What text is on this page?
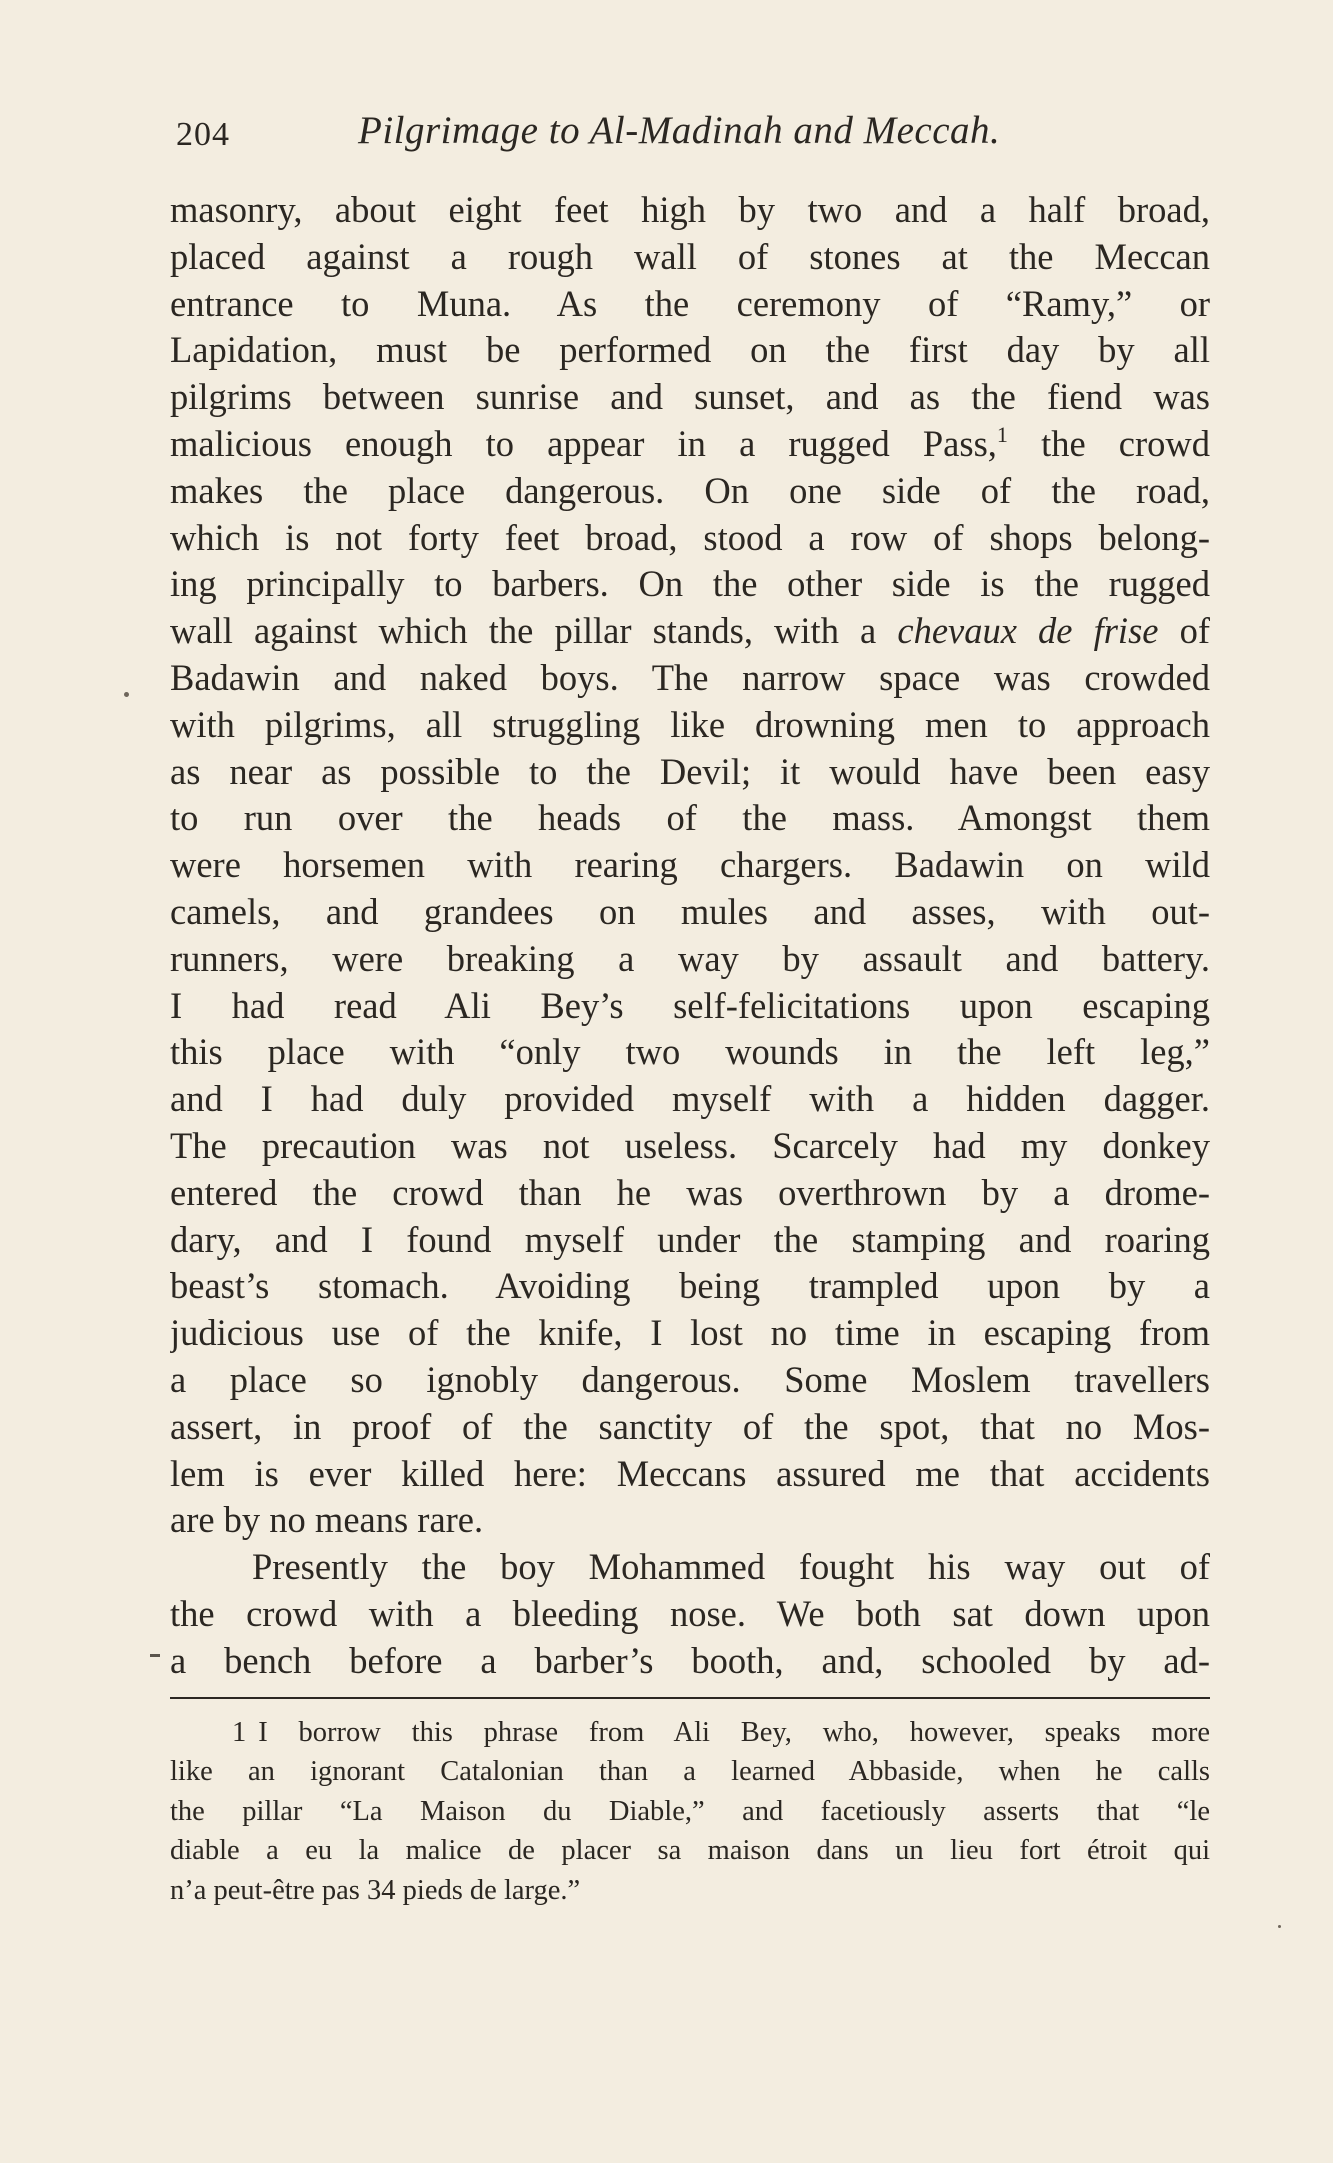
204	Pilgrimage to Al-Madinah and Meccah.
masonry, about eight feet high by two and a half broad,
placed against a rough wall of stones at the Meccan
entrance to Muna. As the ceremony of “Ramy,” or
Lapidation, must be performed on the first day by all
pilgrims between sunrise and sunset, and as the fiend was
malicious enough to appear in a rugged Pass,$^1$ the crowd
makes the place dangerous. On one side of the road,
which is not forty feet broad, stood a row of shops belong-
ing principally to barbers. On the other side is the rugged
wall against which the pillar stands, with a chevaux de frise of
Badawin and naked boys. The narrow space was crowded
with pilgrims, all struggling like drowning men to approach
as near as possible to the Devil; it would have been easy
to run over the heads of the mass. Amongst them
were horsemen with rearing chargers. Badawin on wild
camels, and grandees on mules and asses, with out-
runners, were breaking a way by assault and battery.
I had read Ali Bey’s self-felicitations upon escaping
this place with “only two wounds in the left leg,”
and I had duly provided myself with a hidden dagger.
The precaution was not useless. Scarcely had my donkey
entered the crowd than he was overthrown by a drome-
dary, and I found myself under the stamping and roaring
beast’s stomach. Avoiding being trampled upon by a
judicious use of the knife, I lost no time in escaping from
a place so ignobly dangerous. Some Moslem travellers
assert, in proof of the sanctity of the spot, that no Mos-
lem is ever killed here: Meccans assured me that accidents
are by no means rare.
Presently the boy Mohammed fought his way out of
the crowd with a bleeding nose. We both sat down upon
a bench before a barber’s booth, and, schooled by ad-
1 I borrow this phrase from Ali Bey, who, however, speaks more
like an ignorant Catalonian than a learned Abbaside, when he calls
the pillar “La Maison du Diable,” and facetiously asserts that “le
diable a eu la malice de placer sa maison dans un lieu fort étroit qui
n’a peut-être pas 34 pieds de large.”
